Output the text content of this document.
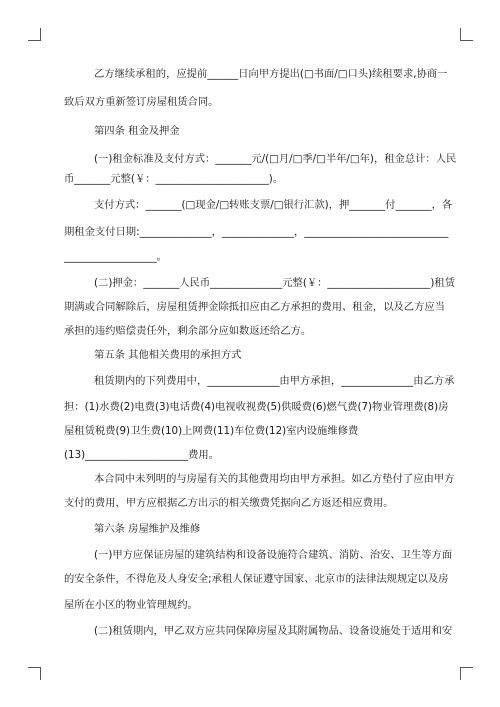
乙方继续承租的，应提前______日向甲方提出(□书面/□口头)续租要求,协商一
致后双方重新签订房屋租赁合同。
第四条 租金及押金
(一)租金标准及支付方式：_______元/(□月/□季/□半年/□年)，租金总计：人民
币_______元整(￥：______________________)。
支付方式：_______(□现金/□转账支票/□银行汇款)，押_______付_______，各
期租金支付日期:______________，______________，____________________________
__________________。
(二)押金：_______人民币______________元整(￥：____________________)租赁
期满或合同解除后，房屋租赁押金除抵扣应由乙方承担的费用、租金，以及乙方应当
承担的违约赔偿责任外，剩余部分应如数返还给乙方。
第五条 其他相关费用的承担方式
租赁期内的下列费用中，______________由甲方承担，______________由乙方承
担：(1)水费(2)电费(3)电话费(4)电视收视费(5)供暖费(6)燃气费(7)物业管理费(8)房
屋租赁税费(9)卫生费(10)上网费(11)车位费(12)室内设施维修费
(13)____________________费用。
本合同中未列明的与房屋有关的其他费用均由甲方承担。如乙方垫付了应由甲方
支付的费用，甲方应根据乙方出示的相关缴费凭据向乙方返还相应费用。
第六条 房屋维护及维修
(一)甲方应保证房屋的建筑结构和设备设施符合建筑、消防、治安、卫生等方面
的安全条件，不得危及人身安全;承租人保证遵守国家、北京市的法律法规规定以及房
屋所在小区的物业管理规约。
(二)租赁期内，甲乙双方应共同保障房屋及其附属物品、设备设施处于适用和安
